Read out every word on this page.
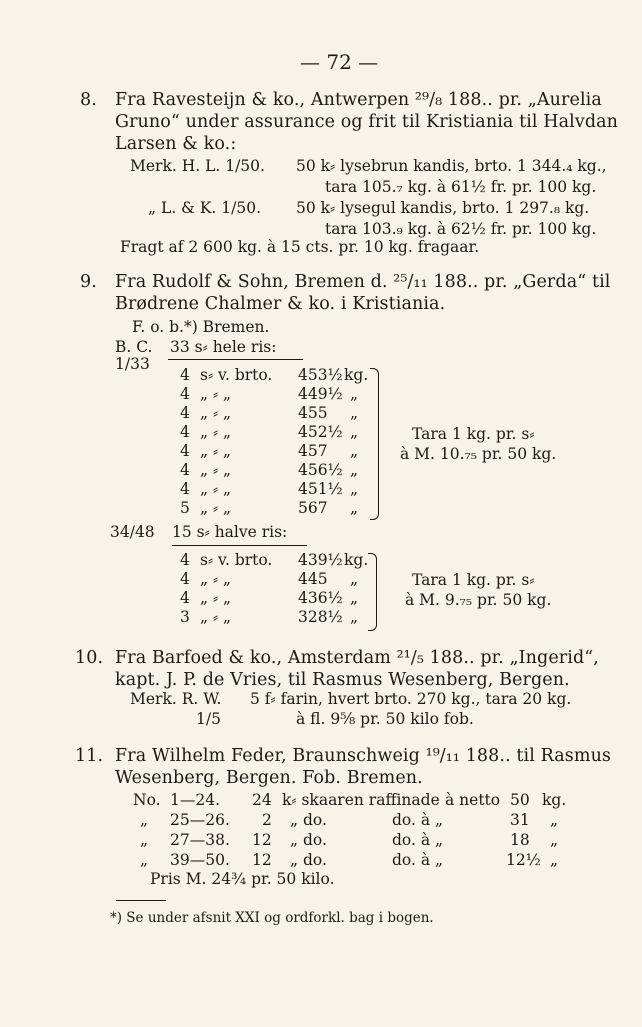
— 72 —
8. Fra Ravesteijn & ko., Antwerpen ²⁹/₈ 188.. pr. „Aurelia
Gruno“ under assurance og frit til Kristiania til Halvdan
Larsen & ko.:
Merk. H. L. 1/50. 50 k⸗ lysebrun kandis, brto. 1 344.₄ kg.,
tara 105.₇ kg. à 61½ fr. pr. 100 kg.
„ L. & K. 1/50. 50 k⸗ lysegul kandis, brto. 1 297.₈ kg.
tara 103.₉ kg. à 62½ fr. pr. 100 kg.
Fragt af 2 600 kg. à 15 cts. pr. 10 kg. fragaar.
9. Fra Rudolf & Sohn, Bremen d. ²⁵/₁₁ 188.. pr. „Gerda“ til
Brødrene Chalmer & ko. i Kristiania.
F. o. b.*) Bremen.
B. C. 33 s⸗ hele ris:
1/33
4 s⸗ v. brto. 453½ kg.
4 „ ⸗ „	449½ „
4 „ ⸗ „	455 „
4 „ ⸗ „	452½ „
4 „ ⸗ „	457 „
4 „ ⸗ „	456½ „
4 „ ⸗ „	451½ „
5 „ ⸗ „	567 „
Tara 1 kg. pr. s⸗
à M. 10.₇₅ pr. 50 kg.
34/48 15 s⸗ halve ris:
4 s⸗ v. brto. 439½ kg.
4 „ ⸗ „	445 „
4 „ ⸗ „	436½ „
3 „ ⸗ „	328½ „
Tara 1 kg. pr. s⸗
à M. 9.₇₅ pr. 50 kg.
10. Fra Barfoed & ko., Amsterdam ²¹/₅ 188.. pr. „Ingerid“,
kapt. J. P. de Vries, til Rasmus Wesenberg, Bergen.
Merk. R. W. 5 f⸗ farin, hvert brto. 270 kg., tara 20 kg.
1/5	à fl. 9⅝ pr. 50 kilo fob.
11. Fra Wilhelm Feder, Braunschweig ¹⁹/₁₁ 188.. til Rasmus
Wesenberg, Bergen. Fob. Bremen.
No. 1—24. 24 k⸗ skaaren raffinade à netto 50 kg.
„ 25—26. 2 „ do.	do. à „	31 „
„ 27—38. 12 „ do.	do. à „	18 „
„ 39—50. 12 „ do.	do. à „	12½ „
Pris M. 24¾ pr. 50 kilo.
*) Se under afsnit XXI og ordforkl. bag i bogen.
